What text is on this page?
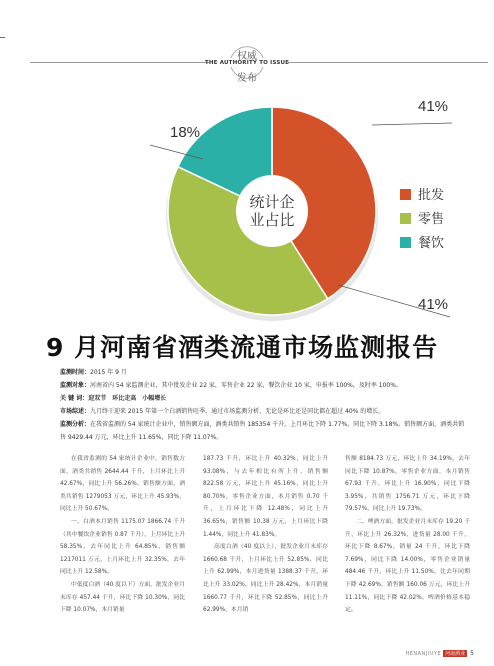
权威
THE AUTHORITY TO ISSUE
发布
41%
41%
18%
统计企
业占比
批发
零售
餐饮
9 月河南省酒类流通市场监测报告
监测时间：2015 年 9 月
监测对象：河南省内 54 家监测企业，其中批发企业 22 家，零售企业 22 家，餐饮企业 10 家，申报率 100%，及时率 100%。
关 键 词：迎双节　环比走高　小幅增长
市场综述：九月终于迎来 2015 年第一个白酒销售旺季，通过市场监测分析，无论是环比还是同比都在超过 40% 的增长。
监测分析：在我省监测的 54 家统计企业中，销售额方面，酒类共销售 185354 千升，上月环比下降 1.77%，同比下降 3.18%。销售额方面，酒类共销售 9429.44 万元，环比上升 11.65%，同比下降 11.07%。

在我省监测的 54 家统计企业中，销售数方面，酒类共销售 2644.44 千升，上月环比上升 42.67%，同比上升 56.26%，销售额方面，酒类共销售 1279053 万元，环比上升 45.93%，同比上升 50.67%。

一、白酒本月销售 1175.07 1866.74 千升（其中餐饮企业销售 0.87 千升），上月环比上升 58.35%，去年同比上升 64.85%，销售额 1217011 万元，上月环比上升 32.35%，去年同比上升 12.58%。

中低度白酒（40 度以下）方面，批发企业月末库存 457.44 千升，环比下降 10.30%，同比下降 10.07%，本月销量

187.73 千升，环比上升 40.32%，同比上升 93.08%，与去年相比有所上升，销售额 822.58 万元，环比上升 45.16%，同比上升 80.70%，零售企业方面，本月销售 0.70 千升，上月环比下降 12.48%，同比上升 36.65%，销售额 10.38 万元，上月环比下降 1.44%，同比上升 41.83%。

高度白酒（40 度以上），批发企业月末库存 1660.68 千升，上月环比上升 52.85%，同比上升 62.99%，本月进货量 1388.37 千升，环比上升 33.02%，同比上升 28.42%，本月销量 1660.77 千升，环比下降 52.85%，同比上升 62.99%，本月销

售额 8184.73 万元，环比上升 34.19%，去年同比下降 10.87%，零售企业方面，本月销售 67.93 千升，环比上升 16.90%，同比下降 3.95%，共销售 1756.71 万元，环比下降 79.57%，同比上升 19.73%。

二、啤酒方面，批发企业月末库存 19.20 千升，环比上升 26.32%，进货量 28.00 千升，环比下降 8.67%，销量 24 千升，环比下降 7.69%，同比下降 14.00%，零售企业销量 484.46 千升，环比上升 11.50%，比去年同期下降 42.69%，销售额 160.06 万元，环比上升 11.11%，同比下降 42.02%，啤酒价格基本稳定。

HENANJIUYE 河南酒业 5
